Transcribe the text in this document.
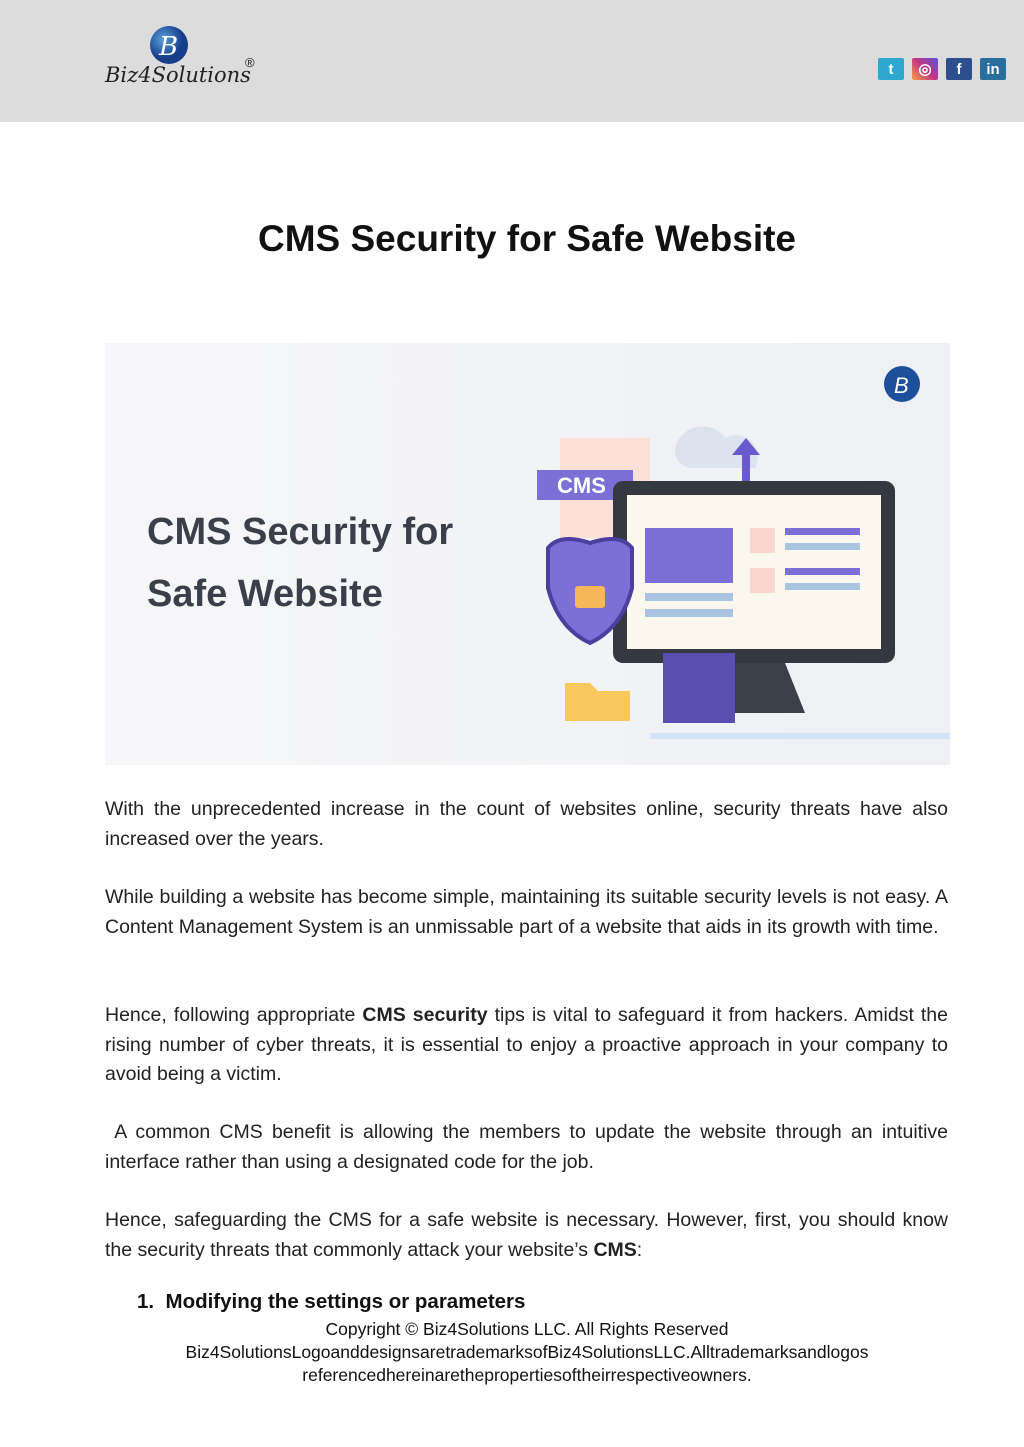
B
Biz4Solutions
®	t	◎	f	in
CMS Security for Safe Website
CMS Security for
Safe Website
B
CMS

With the unprecedented increase in the count of websites online, security threats have also increased over the years.

While building a website has become simple, maintaining its suitable security levels is not easy. A Content Management System is an unmissable part of a website that aids in its growth with time.

Hence, following appropriate CMS security tips is vital to safeguard it from hackers. Amidst the rising number of cyber threats, it is essential to enjoy a proactive approach in your company to avoid being a victim.

A common CMS benefit is allowing the members to update the website through an intuitive interface rather than using a designated code for the job.

Hence, safeguarding the CMS for a safe website is necessary. However, first, you should know the security threats that commonly attack your website’s CMS:

1.  Modifying the settings or parameters
Copyright © Biz4Solutions LLC. All Rights Reserved
Biz4SolutionsLogoanddesignsaretrademarksofBiz4SolutionsLLC.Alltrademarksandlogos
referencedhereinarethepropertiesoftheirrespectiveowners.
